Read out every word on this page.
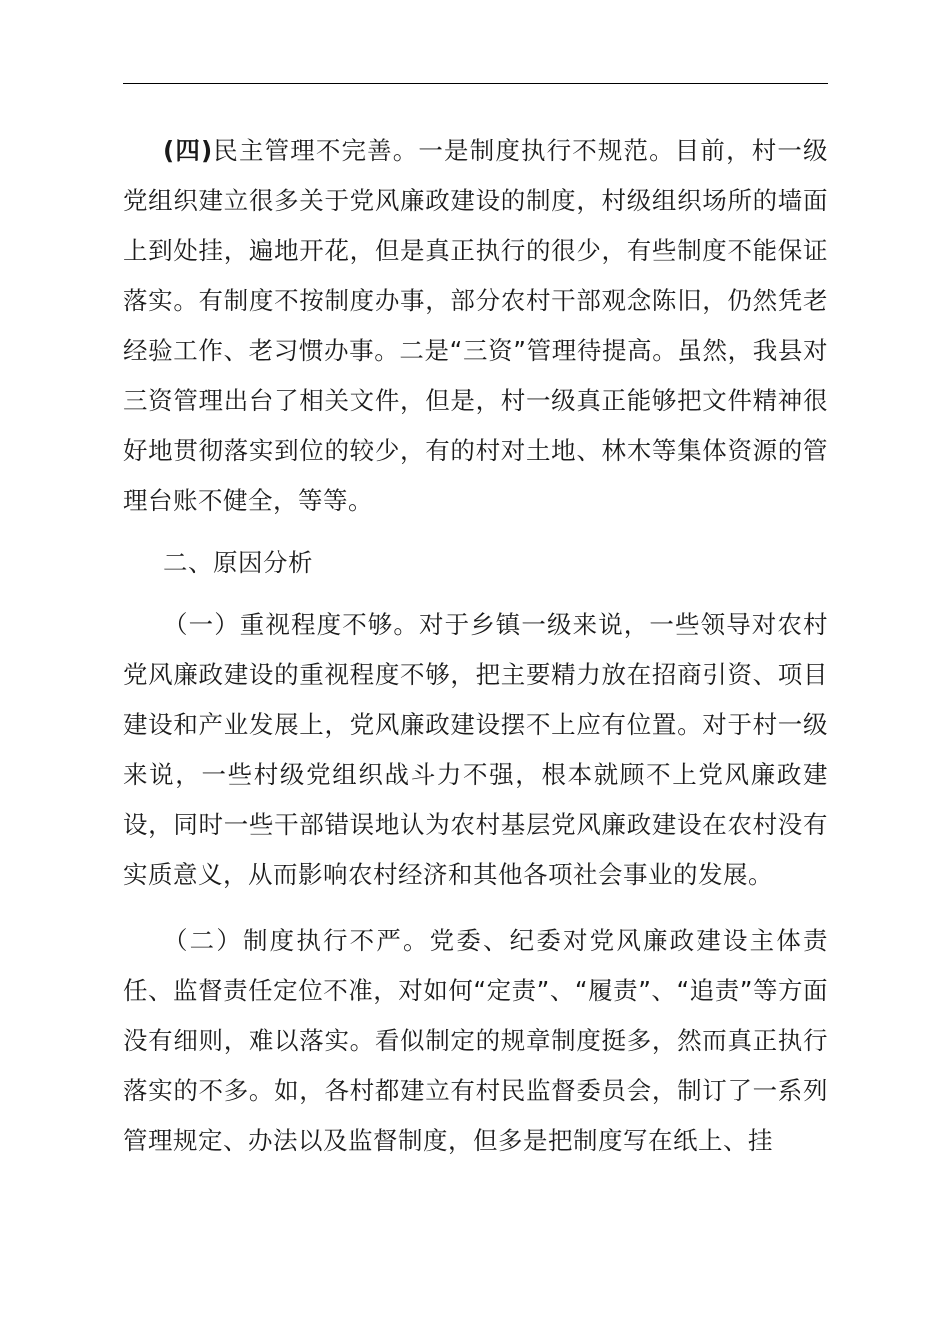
(四)民主管理不完善。一是制度执行不规范。目前，村一级党组织建立很多关于党风廉政建设的制度，村级组织场所的墙面上到处挂，遍地开花，但是真正执行的很少，有些制度不能保证落实。有制度不按制度办事，部分农村干部观念陈旧，仍然凭老经验工作、老习惯办事。二是“三资”管理待提高。虽然，我县对三资管理出台了相关文件，但是，村一级真正能够把文件精神很好地贯彻落实到位的较少，有的村对土地、林木等集体资源的管理台账不健全，等等。

二、原因分析

（一）重视程度不够。对于乡镇一级来说，一些领导对农村党风廉政建设的重视程度不够，把主要精力放在招商引资、项目建设和产业发展上，党风廉政建设摆不上应有位置。对于村一级来说，一些村级党组织战斗力不强，根本就顾不上党风廉政建设，同时一些干部错误地认为农村基层党风廉政建设在农村没有实质意义，从而影响农村经济和其他各项社会事业的发展。

（二）制度执行不严。党委、纪委对党风廉政建设主体责任、监督责任定位不准，对如何“定责”、“履责”、“追责”等方面没有细则，难以落实。看似制定的规章制度挺多，然而真正执行落实的不多。如，各村都建立有村民监督委员会，制订了一系列管理规定、办法以及监督制度，但多是把制度写在纸上、挂
